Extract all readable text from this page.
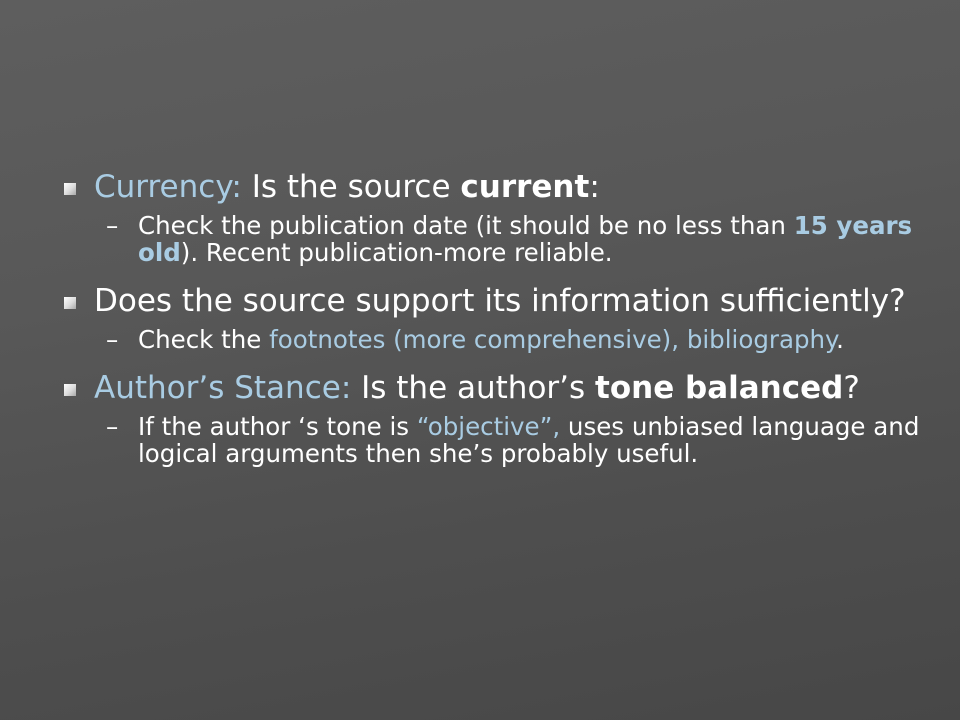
Currency: Is the source current:
– Check the publication date (it should be no less than 15 years old). Recent publication-more reliable.
Does the source support its information sufficiently?
– Check the footnotes (more comprehensive), bibliography.
Author’s Stance: Is the author’s tone balanced?
– If the author ‘s tone is “objective”, uses unbiased language and logical arguments then she’s probably useful.
